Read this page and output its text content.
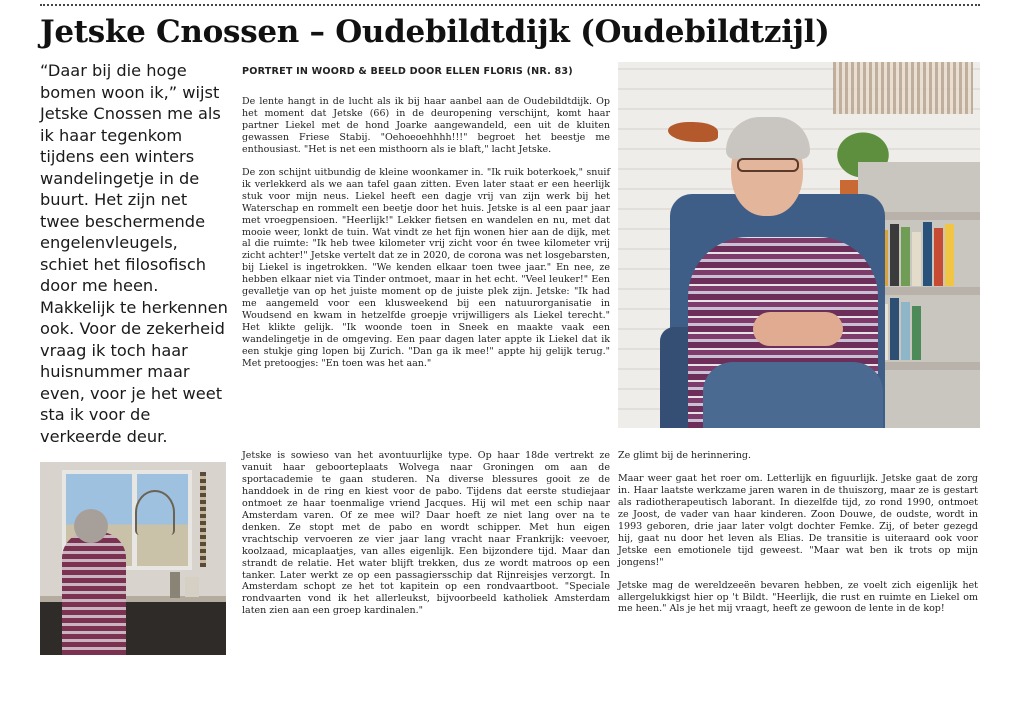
Jetske Cnossen – Oudebildtdijk (Oudebildtzijl)
“Daar bij die hoge bomen woon ik,” wijst Jetske Cnossen me als ik haar tegenkom tijdens een winters wandelingetje in de buurt. Het zijn net twee beschermende engelenvleugels, schiet het filosofisch door me heen. Makkelijk te herkennen ook. Voor de zekerheid vraag ik toch haar huisnummer maar even, voor je het weet sta ik voor de verkeerde deur.
PORTRET IN WOORD & BEELD DOOR ELLEN FLORIS (NR. 83)

De lente hangt in de lucht als ik bij haar aanbel aan de Oudebildtdijk. Op het moment dat Jetske (66) in de deuropening verschijnt, komt haar partner Liekel met de hond Joarke aangewandeld, een uit de kluiten gewassen Friese Stabij. "Oehoeoehhhh!!!" begroet het beestje me enthousiast. "Het is net een misthoorn als ie blaft," lacht Jetske.

De zon schijnt uitbundig de kleine woonkamer in. "Ik ruik boterkoek," snuif ik verlekkerd als we aan tafel gaan zitten. Even later staat er een heerlijk stuk voor mijn neus. Liekel heeft een dagje vrij van zijn werk bij het Waterschap en rommelt een beetje door het huis. Jetske is al een paar jaar met vroegpensioen. "Heerlijk!" Lekker fietsen en wandelen en nu, met dat mooie weer, lonkt de tuin. Wat vindt ze het fijn wonen hier aan de dijk, met al die ruimte: "Ik heb twee kilometer vrij zicht voor én twee kilometer vrij zicht achter!" Jetske vertelt dat ze in 2020, de corona was net losgebarsten, bij Liekel is ingetrokken. "We kenden elkaar toen twee jaar." En nee, ze hebben elkaar niet via Tinder ontmoet, maar in het echt. "Veel leuker!" Een gevalletje van op het juiste moment op de juiste plek zijn. Jetske: "Ik had me aangemeld voor een klusweekend bij een natuurorganisatie in Woudsend en kwam in hetzelfde groepje vrijwilligers als Liekel terecht." Het klikte gelijk. "Ik woonde toen in Sneek en maakte vaak een wandelingetje in de omgeving. Een paar dagen later appte ik Liekel dat ik een stukje ging lopen bij Zurich. "Dan ga ik mee!" appte hij gelijk terug." Met pretoogjes: "En toen was het aan."

Jetske is sowieso van het avontuurlijke type. Op haar 18de vertrekt ze vanuit haar geboorteplaats Wolvega naar Groningen om aan de sportacademie te gaan studeren. Na diverse blessures gooit ze de handdoek in de ring en kiest voor de pabo. Tijdens dat eerste studiejaar ontmoet ze haar toenmalige vriend Jacques. Hij wil met een schip naar Amsterdam varen. Of ze mee wil? Daar hoeft ze niet lang over na te denken. Ze stopt met de pabo en wordt schipper. Met hun eigen vrachtschip vervoeren ze vier jaar lang vracht naar Frankrijk: veevoer, koolzaad, micaplaatjes, van alles eigenlijk. Een bijzondere tijd. Maar dan strandt de relatie. Het water blijft trekken, dus ze wordt matroos op een tanker. Later werkt ze op een passagiersschip dat Rijnreisjes verzorgt. In Amsterdam schopt ze het tot kapitein op een rondvaartboot. "Speciale rondvaarten vond ik het allerleukst, bijvoorbeeld katholiek Amsterdam laten zien aan een groep kardinalen."

Ze glimt bij de herinnering.

Maar weer gaat het roer om. Letterlijk en figuurlijk. Jetske gaat de zorg in. Haar laatste werkzame jaren waren in de thuiszorg, maar ze is gestart als radiotherapeutisch laborant. In diezelfde tijd, zo rond 1990, ontmoet ze Joost, de vader van haar kinderen. Zoon Douwe, de oudste, wordt in 1993 geboren, drie jaar later volgt dochter Femke. Zij, of beter gezegd hij, gaat nu door het leven als Elias. De transitie is uiteraard ook voor Jetske een emotionele tijd geweest. "Maar wat ben ik trots op mijn jongens!"

Jetske mag de wereldzeeën bevaren hebben, ze voelt zich eigenlijk het allergelukkigst hier op 't Bildt. "Heerlijk, die rust en ruimte en Liekel om me heen." Als je het mij vraagt, heeft ze gewoon de lente in de kop!
